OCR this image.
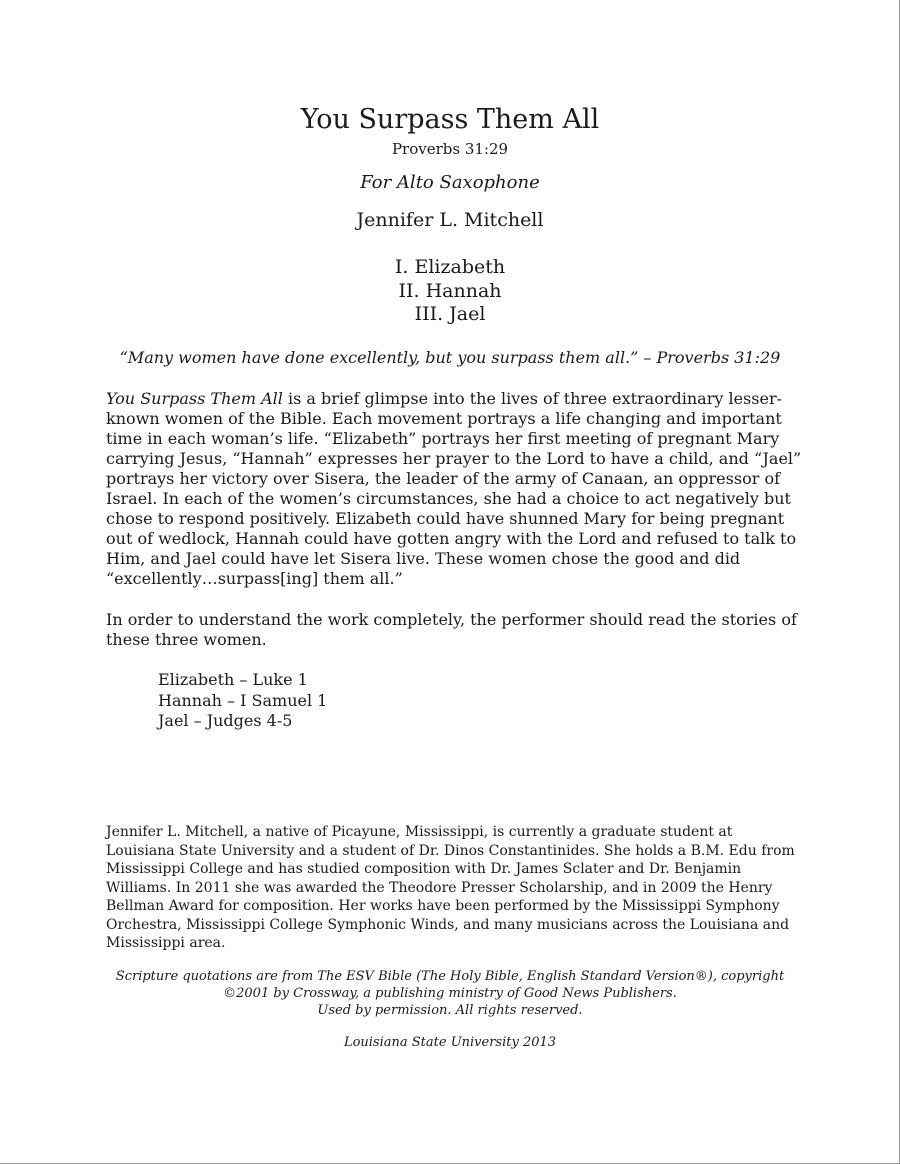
You Surpass Them All
Proverbs 31:29
For Alto Saxophone
Jennifer L. Mitchell
I. Elizabeth
II. Hannah
III. Jael
“Many women have done excellently, but you surpass them all.” – Proverbs 31:29
You Surpass Them All is a brief glimpse into the lives of three extraordinary lesser-known women of the Bible. Each movement portrays a life changing and important time in each woman’s life. “Elizabeth” portrays her first meeting of pregnant Mary carrying Jesus, “Hannah” expresses her prayer to the Lord to have a child, and “Jael” portrays her victory over Sisera, the leader of the army of Canaan, an oppressor of Israel. In each of the women’s circumstances, she had a choice to act negatively but chose to respond positively. Elizabeth could have shunned Mary for being pregnant out of wedlock, Hannah could have gotten angry with the Lord and refused to talk to Him, and Jael could have let Sisera live. These women chose the good and did “excellently…surpass[ing] them all.”
In order to understand the work completely, the performer should read the stories of these three women.
Elizabeth – Luke 1
Hannah – I Samuel 1
Jael – Judges 4-5
Jennifer L. Mitchell, a native of Picayune, Mississippi, is currently a graduate student at Louisiana State University and a student of Dr. Dinos Constantinides. She holds a B.M. Edu from Mississippi College and has studied composition with Dr. James Sclater and Dr. Benjamin Williams. In 2011 she was awarded the Theodore Presser Scholarship, and in 2009 the Henry Bellman Award for composition. Her works have been performed by the Mississippi Symphony Orchestra, Mississippi College Symphonic Winds, and many musicians across the Louisiana and Mississippi area.
Scripture quotations are from The ESV Bible (The Holy Bible, English Standard Version®), copyright
©2001 by Crossway, a publishing ministry of Good News Publishers.
Used by permission. All rights reserved.
Louisiana State University 2013
